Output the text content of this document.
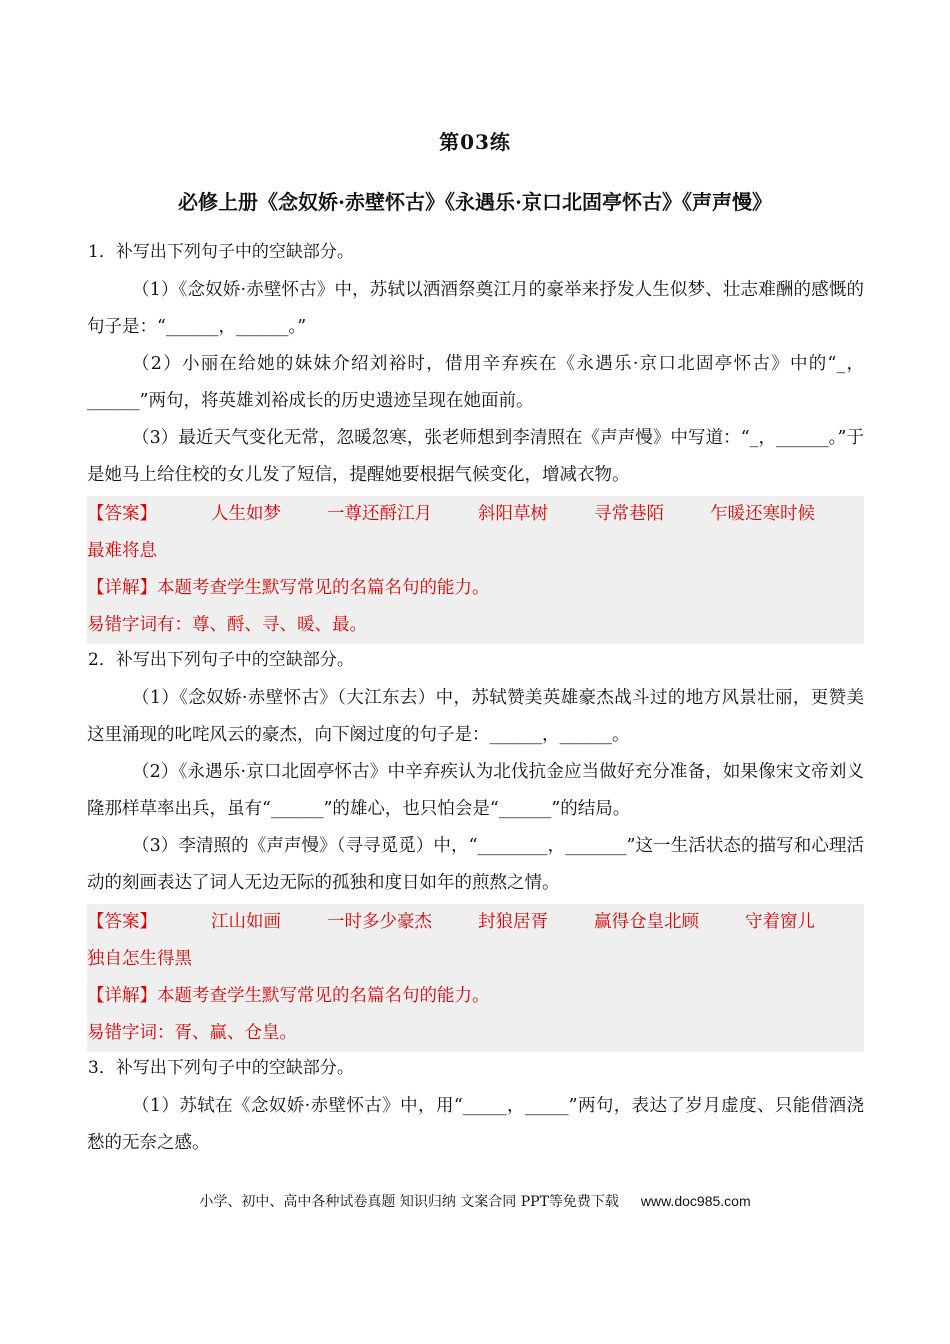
第03练
必修上册《念奴娇·赤壁怀古》《永遇乐·京口北固亭怀古》《声声慢》
1．补写出下列句子中的空缺部分。

（1）《念奴娇·赤壁怀古》中，苏轼以洒酒祭奠江月的豪举来抒发人生似梦、壮志难酬的感慨的句子是：“______，______。”

（2）小丽在给她的妹妹介绍刘裕时，借用辛弃疾在《永遇乐·京口北固亭怀古》中的“_，______”两句，将英雄刘裕成长的历史遗迹呈现在她面前。

（3）最近天气变化无常，忽暖忽寒，张老师想到李清照在《声声慢》中写道：“_，______。”于是她马上给住校的女儿发了短信，提醒她要根据气候变化，增减衣物。

【答案】	人生如梦	一尊还酹江月	斜阳草树	寻常巷陌	乍暖还寒时候

最难将息

【详解】本题考查学生默写常见的名篇名句的能力。

易错字词有：尊、酹、寻、暖、最。

2．补写出下列句子中的空缺部分。

（1）《念奴娇·赤壁怀古》（大江东去）中，苏轼赞美英雄豪杰战斗过的地方风景壮丽，更赞美这里涌现的叱咤风云的豪杰，向下阕过度的句子是：______，______。

（2）《永遇乐·京口北固亭怀古》中辛弃疾认为北伐抗金应当做好充分准备，如果像宋文帝刘义隆那样草率出兵，虽有“______”的雄心，也只怕会是“______”的结局。

（3）李清照的《声声慢》（寻寻觅觅）中，“________，_______”这一生活状态的描写和心理活动的刻画表达了词人无边无际的孤独和度日如年的煎熬之情。

【答案】	江山如画	一时多少豪杰	封狼居胥	赢得仓皇北顾	守着窗儿

独自怎生得黑

【详解】本题考查学生默写常见的名篇名句的能力。

易错字词：胥、赢、仓皇。

3．补写出下列句子中的空缺部分。

（1）苏轼在《念奴娇·赤壁怀古》中，用“_____，_____”两句，表达了岁月虚度、只能借酒浇愁的无奈之感。

小学、初中、高中各种试卷真题 知识归纳 文案合同 PPT等免费下载 www.doc985.com
